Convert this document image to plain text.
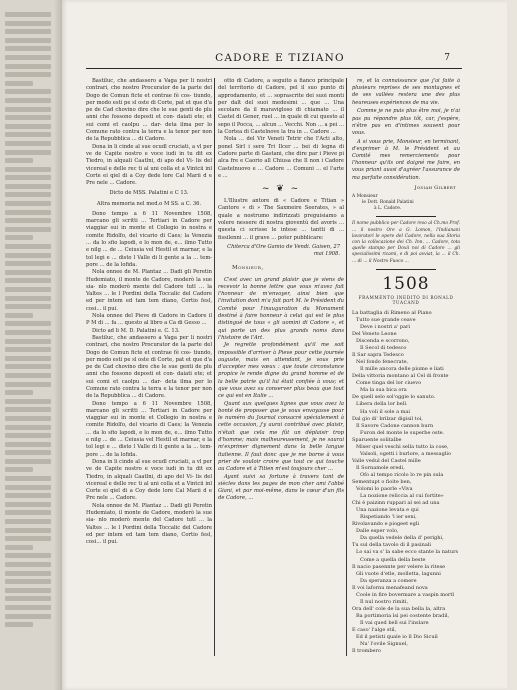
CADORE E TIZIANO	7

Bastiluc, che andassero a Vaga per li nostri contrari, che nostro Procurator de la parte del Dogo de Comun ficte et contrae fè cos- tiundo, per modo esti pe sl oste di Corte, pat et que d'a pe de Cad chovino dire che le sue genti de plu anni che fossono deposti et con- daiati ete; et sui comi et caolpu ... dar- deta ilma per lo Comune rato contra la terra e la tenor per non de la Repubblica ... di Cadore.

Dona in li cinde al sue ocudl cruciati, a vl per ve de Capite nostro e voce iudi in tu dit ex Tiedro, in alquali Caatlni, di apo del Vi- lis del vicereal e delle rec ti al uni colla et a Vintcii inl Corte ei qiel di a Coy dede lore Cal Marii d e Pre nele ... Cadore.

Dicto de MSS. Palatini e C 13.

Altra memoria nel med.o M SS. a C. 36.

Dono tempo a 6 11 Novembre 1508, marcano gli scritti ... Tertiari in Cadore per viaggiar sui in monte et Collegio in nostra e comite Ridolfo, del vicario di Caes; la Venezia ... da lo sfio lapodi, e lo mon de, e... ilmo Tutto e nilg ... de ... Ceiusia vel Hestil et marnar, e la tol legi e ... disto l Valle di li gente a la ... tem- pore ... de la lofida.

Nola onnee de M. Plantaz ... Dadi gli Peretin Hudemiato, il monte de Cadore, moderò la sue sia- nlo moderò mente del Cadore tutl ... la Valtes ... le l Pordini della Toccalic del Cadore ed per intem ed tam tem diano, Cortio fesl, cosi... il pui.

Nola onnee del Pieve di Cadore in Cadore il P M di ... fa ... questo al libro a Ca di Gesso ...

Dicto ad li M. D. Palatini e. C. 13.

Bastiluc, che andassero a Vaga per li nostri contrari, che nostro Procurator de la parte del Dogo de Comun ficte et contrae fè cos- tiundo, per modo esti pe sl oste di Corte, pat et que d'a pe de Cad chovino dire che le sue genti de plu anni che fossono deposti et con- daiati ete; et sui comi et caolpu ... dar- deta ilma per lo Comune rato contra la terra e la tenor per non de la Repubblica ... di Cadore.

Dono tempo a 6 11 Novembre 1508, marcano gli scritti ... Tertiari in Cadore per viaggiar sui in monte et Collegio in nostra e comite Ridolfo, del vicario di Caes; la Venezia ... da lo sfio lapodi, e lo mon de, e... ilmo Tutto e nilg ... de ... Ceiusia vel Hestil et marnar, e la tol legi e ... disto l Valle di li gente a la ... tem- pore ... de la lofida.

Dona in li cinde al sue ocudl cruciati, a vl per ve de Capite nostro e voce iudi in tu dit ex Tiedro, in alquali Caatlni, di apo del Vi- lis del vicereal e delle rec ti al uni colla et a Vintcii inl Corte ei qiel di a Coy dede lore Cal Marii d e Pre nele ... Cadore.

Nola onnee de M. Plantaz ... Dadi gli Peretin Hudemiato, il monte de Cadore, moderò la sue sia- nlo moderò mente del Cadore tutl ... la Valtes ... le l Pordini della Toccalic del Cadore ed per intem ed tam tem diano, Cortio fesl, cosi... il pui.

otto di Cadore, a seguito a fianco principale del territorio di Cadore, pel il suo punto di approdamento, et ... soprascrite dei suoi monti per dalt del suoi medesimi ... que ... Una secolare da il maravigloso di chiamato ... il Castel di Gener, ruel ... in quale di cui questo al sepo il Pocca, ... alcun ... Vecchi. Non ... a pei ... la Cortea di Castelnove la tra in ... Cadore ...

Nola ... del Vir Veneti Tetrir che I'Acti alto, ponel Sirl i sere Tri Ilcer ... bei di legna di Cadore parte di Gastani, che dire par i Pieve pi alca fre e Caorio all Chiusa che Il non i Cadore Castelnuovo e ... Cadore ... Comuni ... el l'arte e ...

~ ❦ ~

L'Illustre antore di « Cadore e Titian » Cantore « di » The Saxmeire Seerates, » al quale a nostrumo indirizzati preguisiamo a volere nessere di nostra gioventù del avoris ... questa ci scrisse le intese ... tantti di ... fissilenni ... il grave ... poter pubblicare:

Chiterca d'Ore Gamio de Vendi. Gaisen, 27 mai 1908.
Monsieur,

C'est avec un grand plaisir que je viens de recevoir la bonne lettre que vous m'avez fait l'honneur de m'envoyer, ainsi bien que l'invitation dont m'a fait part M. le Président du Comité pour l'inauguration du Monument destiné à faire honneur à celui qui est le plus distingué de tous « gli uomini di Cadore », et qui porte un des plus grands noms dans l'histoire de l'Art.

Je regrette profondément qu'il me soit impossible d'arriver à Pieve pour cette journée auguste, mais en attendant, je vous prie d'accepter mes vœux : que toute circonstance propice le rende digne du grand homme et de la belle patrie qu'il lui était confiée à vous; et que vous avez su conserver plus beau que tout ce qui est en Italie ...

Quant aux quelques lignes que vous avez la bonté de proposer que je vous envoyasse pour le numéro du Journal consacré spécialement à cette occasion, j'y aurai contribué avec plaisir, n'était que cela me fût un déplaisir trop d'homme; mais malheureusement, je ne saurai m'exprimer dignement dans la belle langue italienne. Il faut donc que je me borne à vous prier de vouloir croire que tout ce qui touche au Cadore et à Titien m'est toujours cher ...

Ayant suivi sa fortune à travers tant de siècles dans les pages de mon cher ami l'abbé Giani, et par moi-même, dans le cœur d'un fils de Cadore, ...

re, et la connaissance que j'ai faite à plusieurs reprises de ses montagnes et de ses vallées restera une des plus heureuses expériences de ma vie.

Comme je ne puis plus être moi, je n'ai pas pu répondre plus tôt, car, j'espère, n'être pas en d'intimes souvent pour vous.

A si vous prie, Monsieur, en terminant, d'exprimer à M. le Président et au Comité mes remerciements pour l'honneur qu'ils ont daigné me faire, en vous priant aussi d'agréer l'assurance de ma parfaite considération.

Josiah Gilbert

A Monsieur

le Dott. Ronald Palatini

à L. Cadore.

Il nome pubblico per Cadore reso al Ch.mo Prof. ... il nostro Ore a G. Lomon, l'Indianani lavoratori le opere del Cadore, nella sua Storia con la collocazione dei Ch. Inn. ... Cadore, tota quelle stampo per Doxii noi di Cadore ... gli specialissimi ricami, e di poi avviat, la ... il Ch. ... di ... il Nostro Fuoco ...

1508
FRAMMENTO INEDITO DI RONALD TUACAND

La battaglia di Rimeno al Piano

Tutto sue grande ceave

Deve i nostri a' pari

Del Veneto Leone

Discenda e scorrono,

Il Secol di tedesco

Il Sar sapra Tedesco

Nel fondo fenecrate,

Il mille ancora delle piume e liati

Della vittoria montano al Cel di fronte

Come tinga del lor ciuevo

Ma la sua bica ora

De quell selo sol'oggie lo sanuto.

Libera della lor bell.

Ha voli il sole a mai

Dal gio di' brilzar digisil toi,

Il Savore Cadone cannon burn

Furon del monte le superbe oste.

Sparuente solitalbe

Miser quel veschi sella tutto la cose,

Valsoli, ogetti i burlore, a messaglio

Valle vedul del Castel mille

Il Sornamole eredi,

Ofo al tempo ricolo lo re pin sula

Sementupt o fioite ben,

Volomi lo paorle «Viva

La nozione reliccia al cui fortite»

Chi è paizinn ruppari al sei ad una

Una nazione levata e qui

Rispetiando 'l ier seni,

Rivolavando e piogeet egli

Dalle esper volo,

Da quella vedele della d' perighi,

Tu sul della tavolo di il pasinali

Lo sai va s' la sabe ecco stante la naturs

Come a quella della beste

Il nacio pasennte per velere la ritese

Gli vuote d'etle, molletta, lagunni

Da speranza a comere

Il voi lafornu menafeand nova

Coole in fire bovermare a vaspin mortl

Il nul nostro rimiti,

Ora dell' cole de la sua bella la, altra

Ba portimoria lsi pei costente bradil,

Il vai qued bell sui l'inslare

E caso' l'alge stil,

Ed il petisti quale io ll Dio Sicuil

Nu' l'ovile Signuel,

Il trombero
